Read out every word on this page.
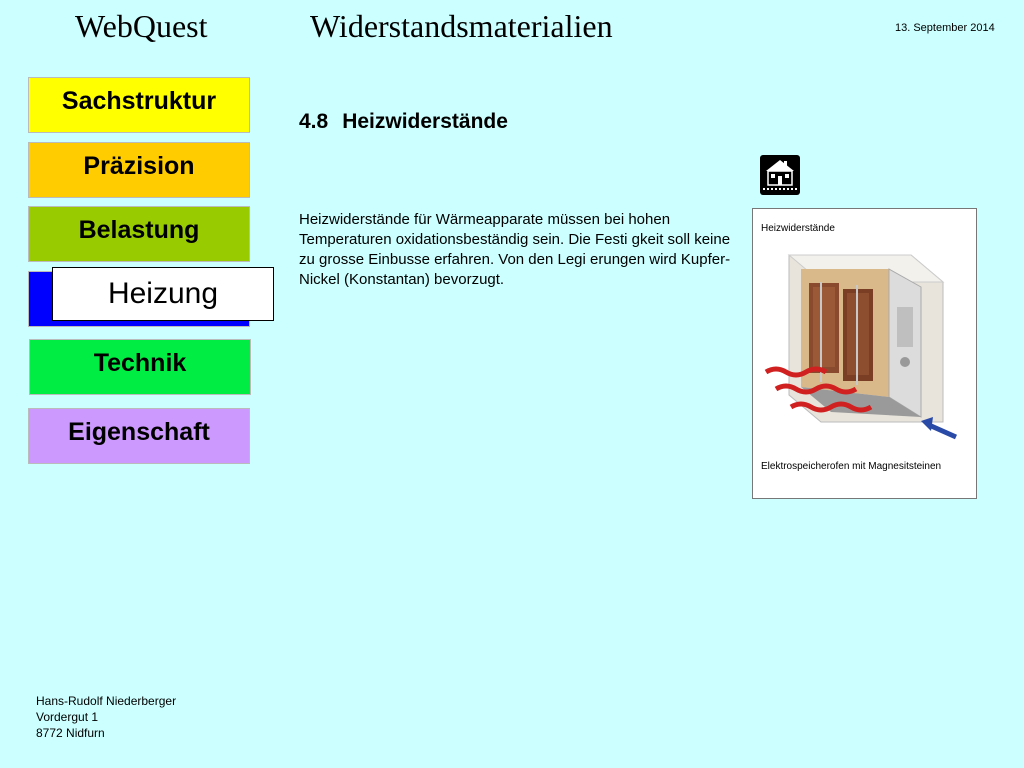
WebQuest	Widerstandsmaterialien	13. September 2014
Sachstruktur
Präzision
Belastung
Heizung
Technik
Eigenschaft
4.8 Heizwiderstände
Heizwiderstände für Wärmeapparate müssen bei hohen Temperaturen oxidationsbeständig sein. Die Festi gkeit soll keine zu grosse Einbusse erfahren. Von den Legi erungen wird Kupfer-Nickel (Konstantan) bevorzugt.
Heizwiderstände
Elektrospeicherofen mit Magnesitsteinen
Hans-Rudolf Niederberger
Vordergut 1
8772 Nidfurn
